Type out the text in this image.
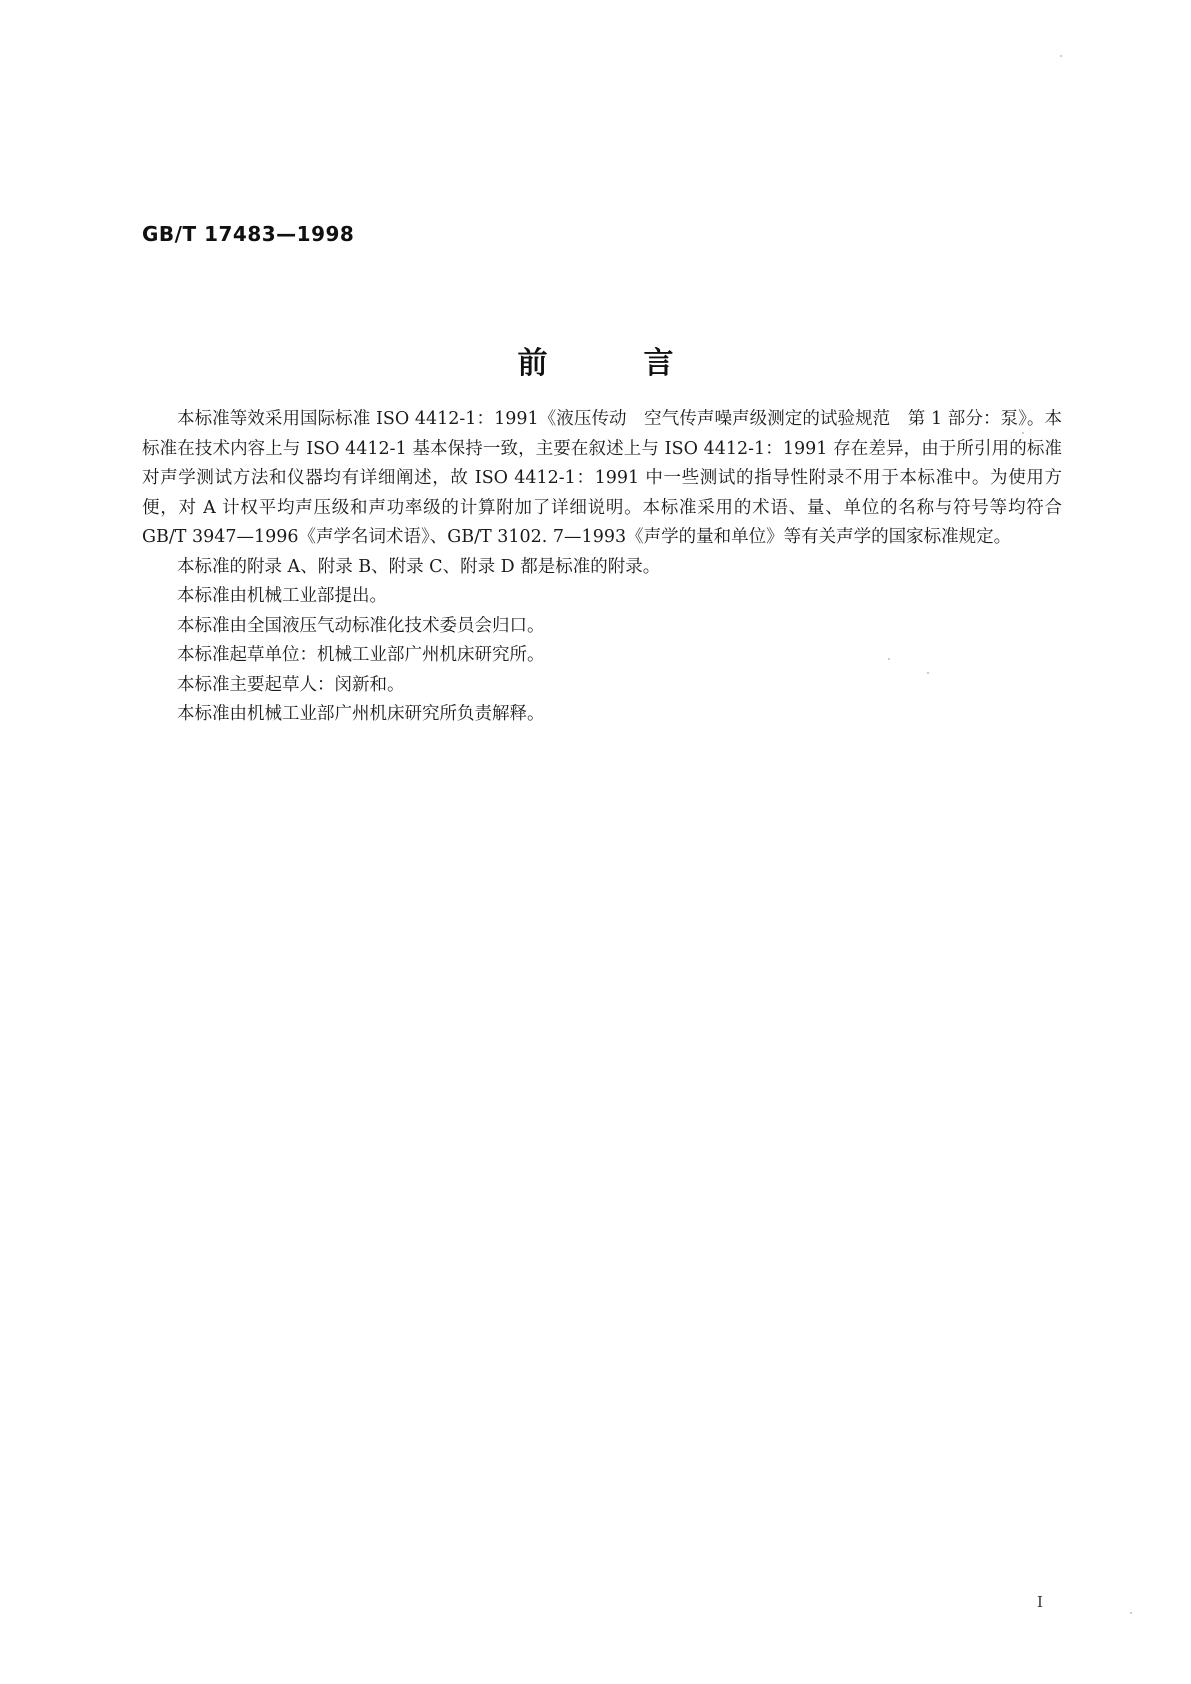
GB/T 17483—1998
前	言

本标准等效采用国际标准 ISO 4412-1：1991《液压传动　空气传声噪声级测定的试验规范　第 1 部分：泵》。本标准在技术内容上与 ISO 4412-1 基本保持一致，主要在叙述上与 ISO 4412-1：1991 存在差异，由于所引用的标准对声学测试方法和仪器均有详细阐述，故 ISO 4412-1：1991 中一些测试的指导性附录不用于本标准中。为使用方便，对 A 计权平均声压级和声功率级的计算附加了详细说明。本标准采用的术语、量、单位的名称与符号等均符合 GB/T 3947—1996《声学名词术语》、GB/T 3102. 7—1993《声学的量和单位》等有关声学的国家标准规定。

本标准的附录 A、附录 B、附录 C、附录 D 都是标准的附录。

本标准由机械工业部提出。

本标准由全国液压气动标准化技术委员会归口。

本标准起草单位：机械工业部广州机床研究所。

本标准主要起草人：闵新和。

本标准由机械工业部广州机床研究所负责解释。

I
